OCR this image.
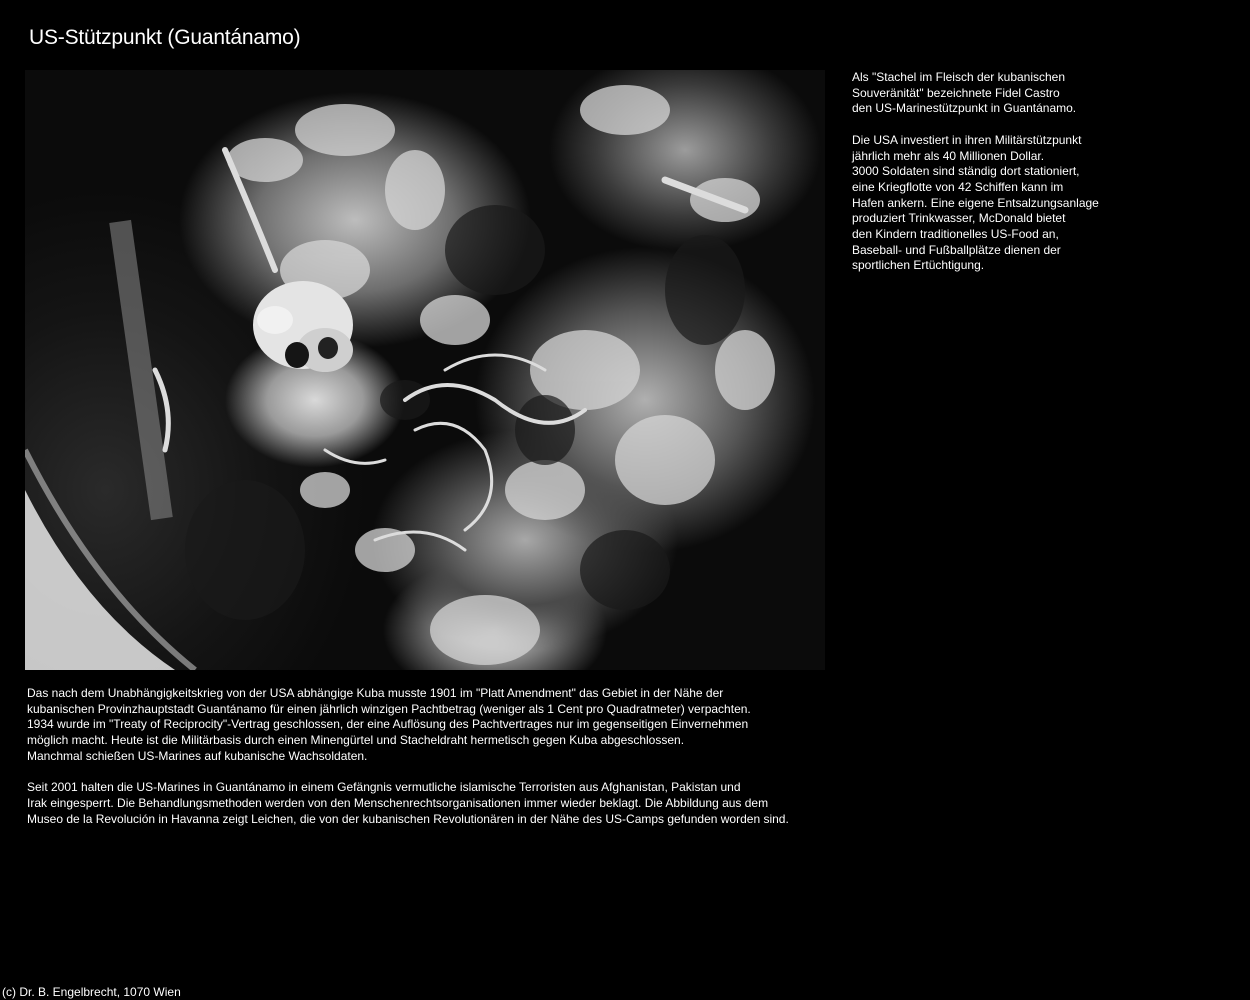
US-Stützpunkt (Guantánamo)

Als "Stachel im Fleisch der kubanischen
Souveränität" bezeichnete Fidel Castro
den US-Marinestützpunkt in Guantánamo.

Die USA investiert in ihren Militärstützpunkt
jährlich mehr als 40 Millionen Dollar.
3000 Soldaten sind ständig dort stationiert,
eine Kriegflotte von 42 Schiffen kann im
Hafen ankern. Eine eigene Entsalzungsanlage
produziert Trinkwasser, McDonald bietet
den Kindern traditionelles US-Food an,
Baseball- und Fußballplätze dienen der
sportlichen Ertüchtigung.

Das nach dem Unabhängigkeitskrieg von der USA abhängige Kuba musste 1901 im "Platt Amendment" das Gebiet in der Nähe der
kubanischen Provinzhauptstadt Guantánamo für einen jährlich winzigen Pachtbetrag (weniger als 1 Cent pro Quadratmeter) verpachten.
1934 wurde im "Treaty of Reciprocity"-Vertrag geschlossen, der eine Auflösung des Pachtvertrages nur im gegenseitigen Einvernehmen
möglich macht. Heute ist die Militärbasis durch einen Minengürtel und Stacheldraht hermetisch gegen Kuba abgeschlossen.
Manchmal schießen US-Marines auf kubanische Wachsoldaten.

Seit 2001 halten die US-Marines in Guantánamo in einem Gefängnis vermutliche islamische Terroristen aus Afghanistan, Pakistan und
Irak eingesperrt. Die Behandlungsmethoden werden von den Menschenrechtsorganisationen immer wieder beklagt. Die Abbildung aus dem
Museo de la Revolución in Havanna zeigt Leichen, die von der kubanischen Revolutionären in der Nähe des US-Camps gefunden worden sind.

(c) Dr. B. Engelbrecht, 1070 Wien
